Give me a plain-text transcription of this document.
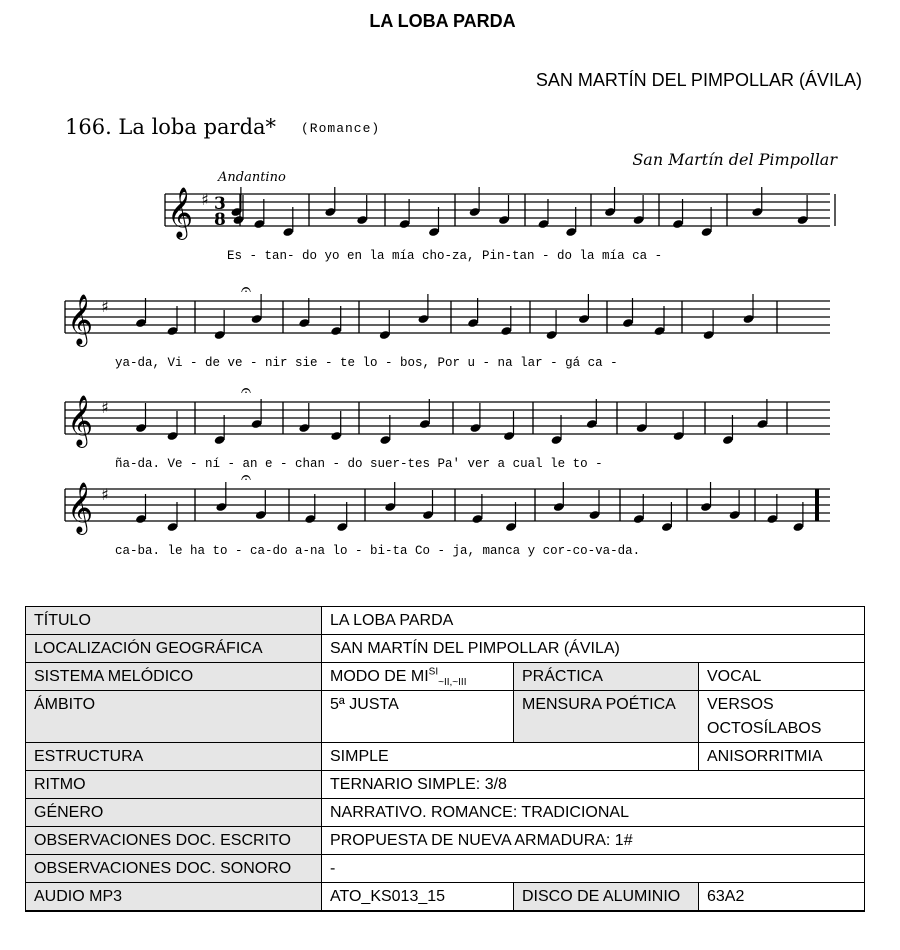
LA LOBA PARDA
SAN MARTÍN DEL PIMPOLLAR (ÁVILA)
166. La loba parda* (Romance)
San Martín del Pimpollar
Andantino
𝄞 ♯ 3
8
Es - tan- do yo en la mía cho-za, Pin-tan - do la mía ca -
𝄞 ♯
𝄐
ya-da, Vi - de ve - nir sie - te lo - bos, Por u - na lar - gá ca -
𝄞 ♯
𝄐
ña-da. Ve - ní - an e - chan - do suer-tes Pa' ver a cual le to -
𝄞 ♯
𝄐
ca-ba. le ha to - ca-do a-na lo - bi-ta Co - ja, manca y cor-co-va-da.
TÍTULO	LA LOBA PARDA		
LOCALIZACIÓN GEOGRÁFICA	SAN MARTÍN DEL PIMPOLLAR (ÁVILA)		
SISTEMA MELÓDICO	MODO DE $MI^{SI}_{\sim II,\sim III}$	PRÁCTICA	VOCAL
ÁMBITO	5ª JUSTA	MENSURA POÉTICA	VERSOS OCTOSÍLABOS
ESTRUCTURA	SIMPLE		ANISORRITMIA
RITMO	TERNARIO SIMPLE: 3/8		
GÉNERO	NARRATIVO. ROMANCE: TRADICIONAL		
OBSERVACIONES DOC. ESCRITO	PROPUESTA DE NUEVA ARMADURA: 1#		
OBSERVACIONES DOC. SONORO	-		
AUDIO MP3	ATO_KS013_15	DISCO DE ALUMINIO	63A2
